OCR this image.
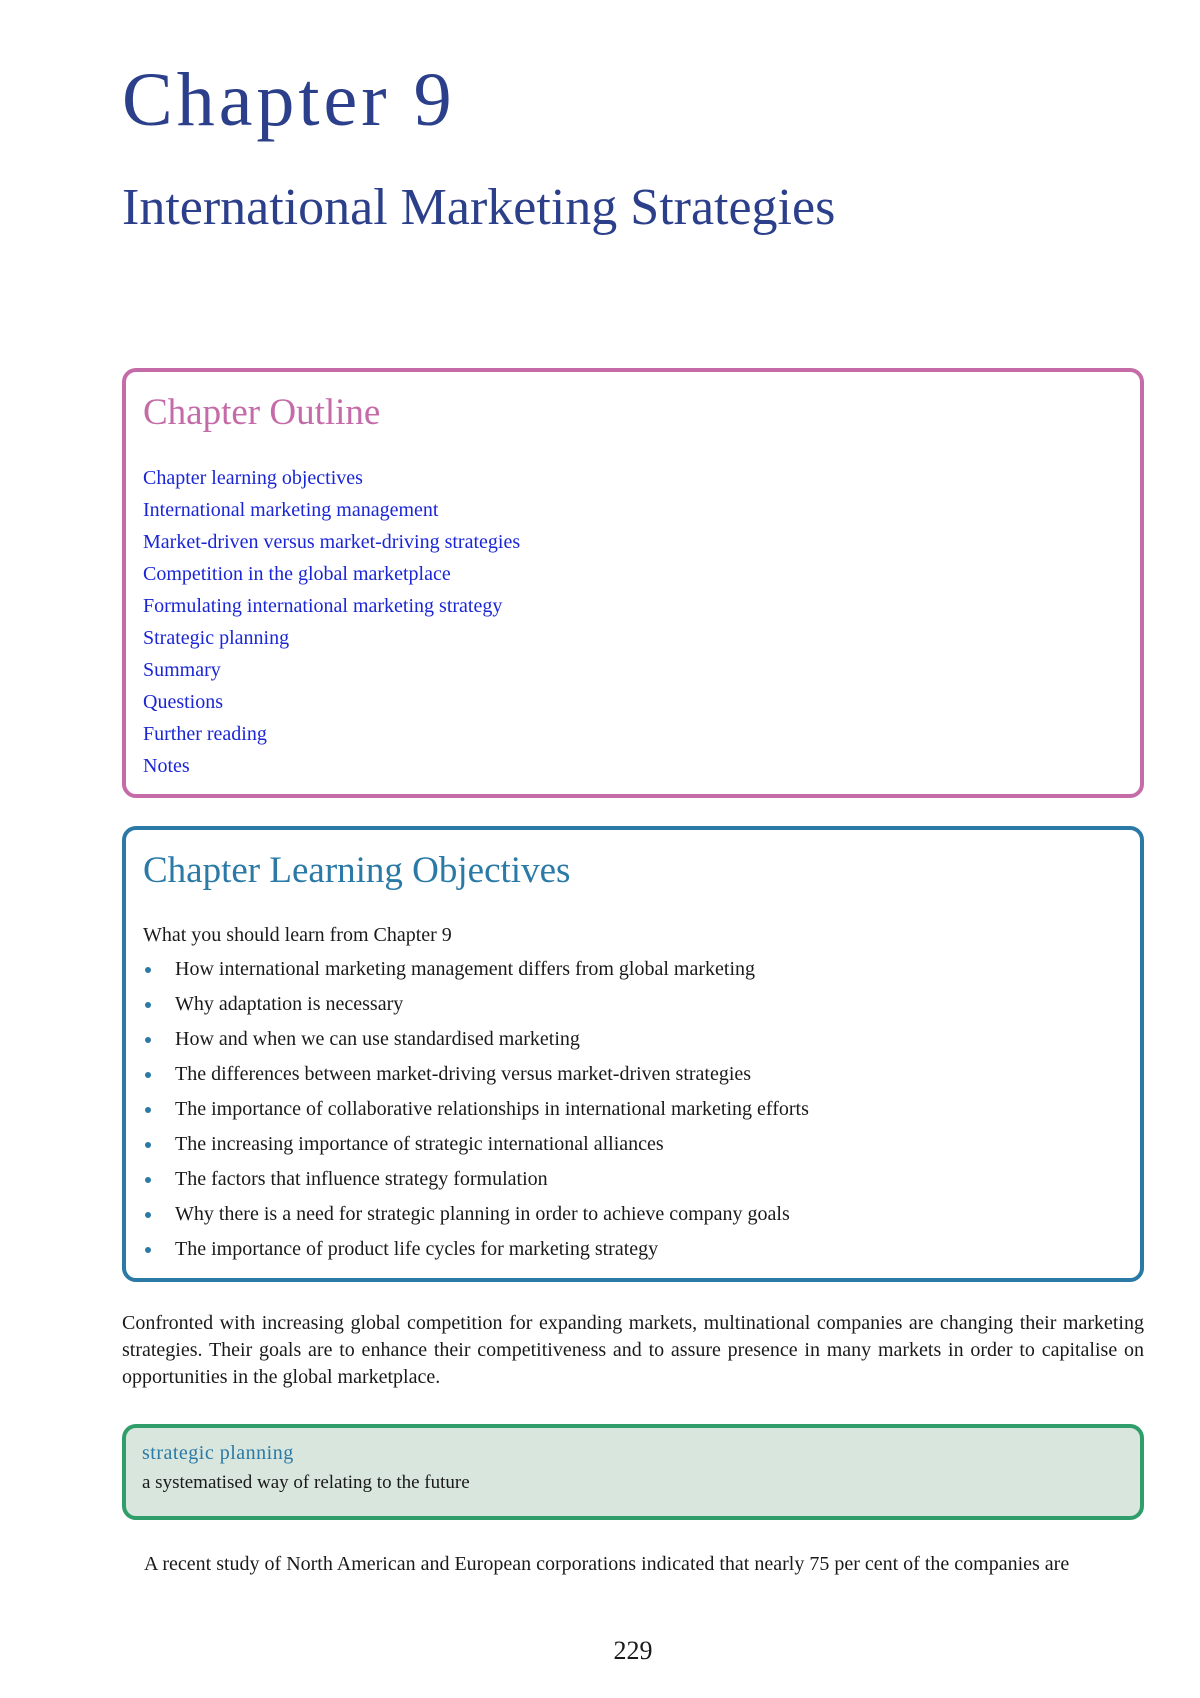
Chapter 9
International Marketing Strategies
Chapter Outline
Chapter learning objectives
International marketing management
Market-driven versus market-driving strategies
Competition in the global marketplace
Formulating international marketing strategy
Strategic planning
Summary
Questions
Further reading
Notes
Chapter Learning Objectives

What you should learn from Chapter 9

How international marketing management differs from global marketing
Why adaptation is necessary
How and when we can use standardised marketing
The differences between market-driving versus market-driven strategies
The importance of collaborative relationships in international marketing efforts
The increasing importance of strategic international alliances
The factors that influence strategy formulation
Why there is a need for strategic planning in order to achieve company goals
The importance of product life cycles for marketing strategy

Confronted with increasing global competition for expanding markets, multinational companies are changing their marketing strategies. Their goals are to enhance their competitiveness and to assure presence in many markets in order to capitalise on opportunities in the global marketplace.

strategic planning

a systematised way of relating to the future

A recent study of North American and European corporations indicated that nearly 75 per cent of the companies are

229
